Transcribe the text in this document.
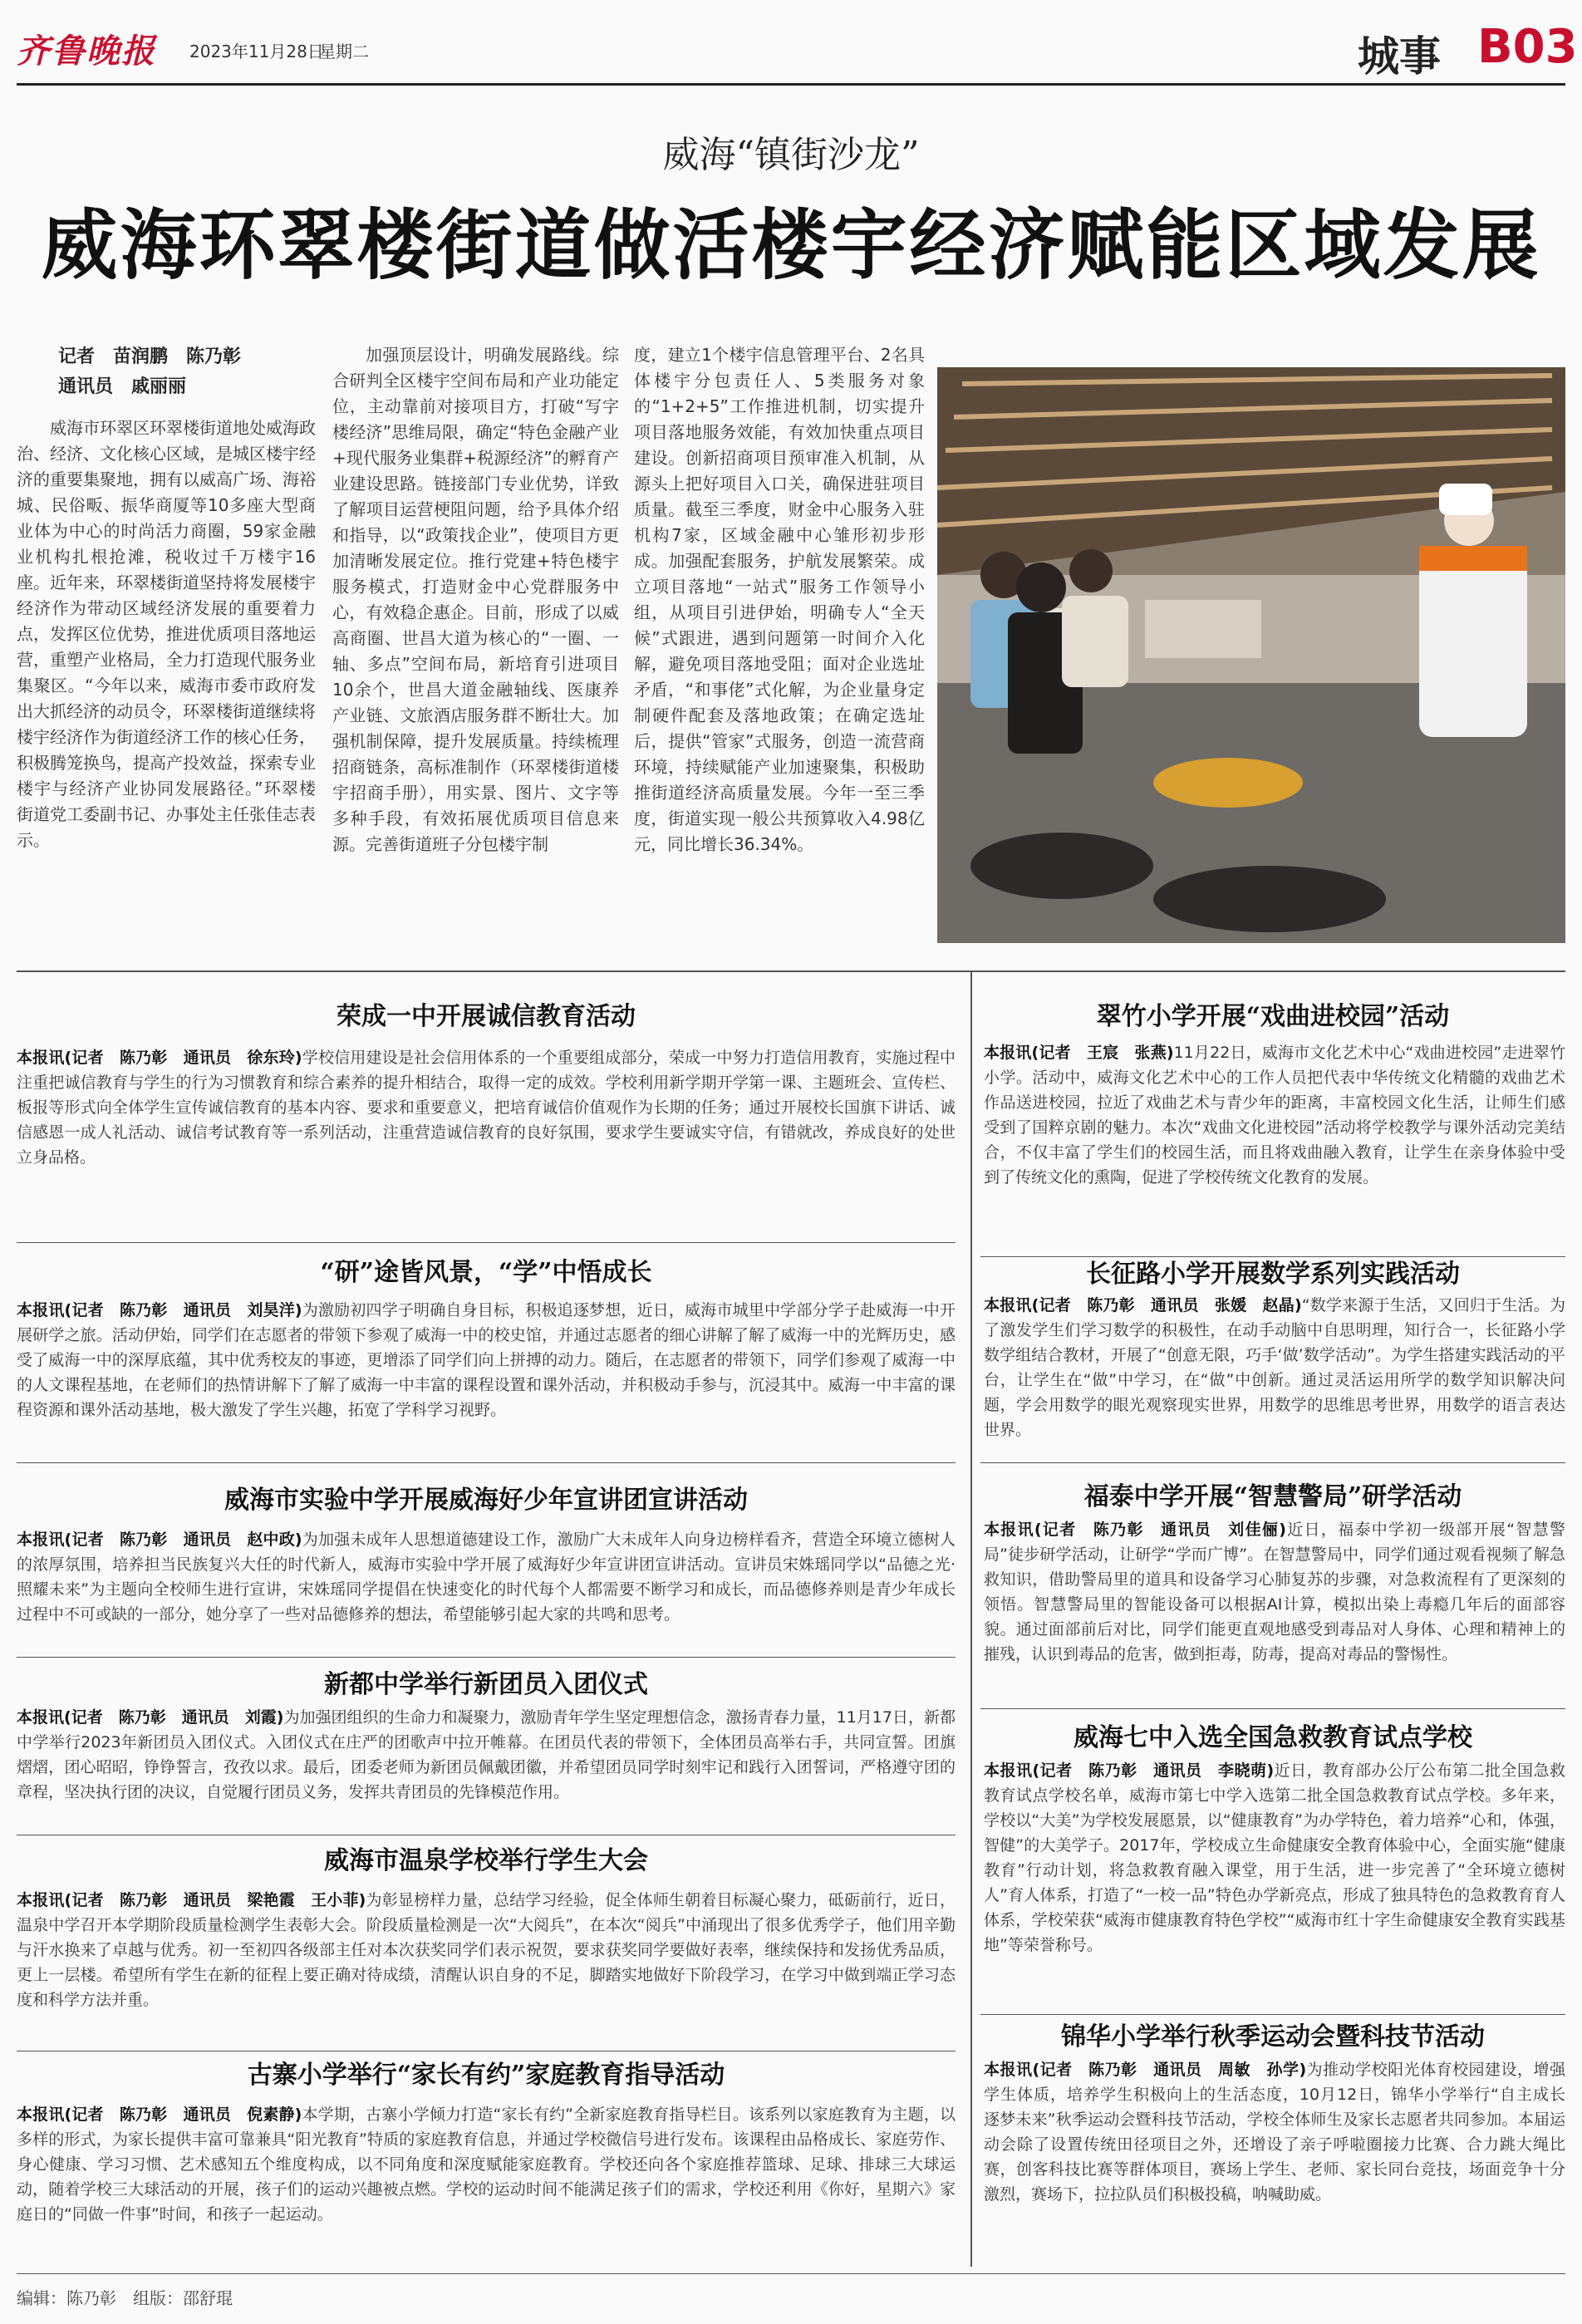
齐鲁晚报 2023年11月28日
星期二	城事 B03
威海“镇街沙龙”
威海环翠楼街道做活楼宇经济赋能区域发展
记者　苗润鹏　陈乃彰
通讯员　戚丽丽

威海市环翠区环翠楼街道地处威海政治、经济、文化核心区域，是城区楼宇经济的重要集聚地，拥有以威高广场、海裕城、民俗畈、振华商厦等10多座大型商业体为中心的时尚活力商圈，59家金融业机构扎根抢滩，税收过千万楼宇16座。近年来，环翠楼街道坚持将发展楼宇经济作为带动区域经济发展的重要着力点，发挥区位优势，推进优质项目落地运营，重塑产业格局，全力打造现代服务业集聚区。“今年以来，威海市委市政府发出大抓经济的动员令，环翠楼街道继续将楼宇经济作为街道经济工作的核心任务，积极腾笼换鸟，提高产投效益，探索专业楼宇与经济产业协同发展路径。”环翠楼街道党工委副书记、办事处主任张佳志表示。

加强顶层设计，明确发展路线。综合研判全区楼宇空间布局和产业功能定位，主动靠前对接项目方，打破“写字楼经济”思维局限，确定“特色金融产业+现代服务业集群+税源经济”的孵育产业建设思路。链接部门专业优势，详致了解项目运营梗阻问题，给予具体介绍和指导，以“政策找企业”，使项目方更加清晰发展定位。推行党建+特色楼宇服务模式，打造财金中心党群服务中心，有效稳企惠企。目前，形成了以威高商圈、世昌大道为核心的“一圈、一轴、多点”空间布局，新培育引进项目10余个，世昌大道金融轴线、医康养产业链、文旅酒店服务群不断壮大。加强机制保障，提升发展质量。持续梳理招商链条，高标准制作（环翠楼街道楼宇招商手册），用实景、图片、文字等多种手段，有效拓展优质项目信息来源。完善街道班子分包楼宇制

度，建立1个楼宇信息管理平台、2名具体楼宇分包责任人、5类服务对象的“1+2+5”工作推进机制，切实提升项目落地服务效能，有效加快重点项目建设。创新招商项目预审准入机制，从源头上把好项目入口关，确保进驻项目质量。截至三季度，财金中心服务入驻机构7家，区域金融中心雏形初步形成。加强配套服务，护航发展繁荣。成立项目落地“一站式”服务工作领导小组，从项目引进伊始，明确专人“全天候”式跟进，遇到问题第一时间介入化解，避免项目落地受阻；面对企业选址矛盾，“和事佬”式化解，为企业量身定制硬件配套及落地政策；在确定选址后，提供“管家”式服务，创造一流营商环境，持续赋能产业加速聚集，积极助推街道经济高质量发展。今年一至三季度，街道实现一般公共预算收入4.98亿元，同比增长36.34%。

荣成一中开展诚信教育活动

本报讯(记者　陈乃彰　通讯员　徐东玲)学校信用建设是社会信用体系的一个重要组成部分，荣成一中努力打造信用教育，实施过程中注重把诚信教育与学生的行为习惯教育和综合素养的提升相结合，取得一定的成效。学校利用新学期开学第一课、主题班会、宣传栏、板报等形式向全体学生宣传诚信教育的基本内容、要求和重要意义，把培育诚信价值观作为长期的任务；通过开展校长国旗下讲话、诚信感恩一成人礼活动、诚信考试教育等一系列活动，注重营造诚信教育的良好氛围，要求学生要诚实守信，有错就改，养成良好的处世立身品格。

“研”途皆风景，“学”中悟成长

本报讯(记者　陈乃彰　通讯员　刘昊洋)为激励初四学子明确自身目标，积极追逐梦想，近日，威海市城里中学部分学子赴威海一中开展研学之旅。活动伊始，同学们在志愿者的带领下参观了威海一中的校史馆，并通过志愿者的细心讲解了解了威海一中的光辉历史，感受了威海一中的深厚底蕴，其中优秀校友的事迹，更增添了同学们向上拼搏的动力。随后，在志愿者的带领下，同学们参观了威海一中的人文课程基地，在老师们的热情讲解下了解了威海一中丰富的课程设置和课外活动，并积极动手参与，沉浸其中。威海一中丰富的课程资源和课外活动基地，极大激发了学生兴趣，拓宽了学科学习视野。

威海市实验中学开展威海好少年宣讲团宣讲活动

本报讯(记者　陈乃彰　通讯员　赵中政)为加强未成年人思想道德建设工作，激励广大未成年人向身边榜样看齐，营造全环境立德树人的浓厚氛围，培养担当民族复兴大任的时代新人，威海市实验中学开展了威海好少年宣讲团宣讲活动。宣讲员宋姝瑶同学以“品德之光·照耀未来”为主题向全校师生进行宣讲，宋姝瑶同学提倡在快速变化的时代每个人都需要不断学习和成长，而品德修养则是青少年成长过程中不可或缺的一部分，她分享了一些对品德修养的想法，希望能够引起大家的共鸣和思考。

新都中学举行新团员入团仪式

本报讯(记者　陈乃彰　通讯员　刘霞)为加强团组织的生命力和凝聚力，激励青年学生坚定理想信念，激扬青春力量，11月17日，新都中学举行2023年新团员入团仪式。入团仪式在庄严的团歌声中拉开帷幕。在团员代表的带领下，全体团员高举右手，共同宣誓。团旗熠熠，团心昭昭，铮铮誓言，孜孜以求。最后，团委老师为新团员佩戴团徽，并希望团员同学时刻牢记和践行入团誓词，严格遵守团的章程，坚决执行团的决议，自觉履行团员义务，发挥共青团员的先锋模范作用。

威海市温泉学校举行学生大会

本报讯(记者　陈乃彰　通讯员　梁艳霞　王小菲)为彰显榜样力量，总结学习经验，促全体师生朝着目标凝心聚力，砥砺前行，近日，温泉中学召开本学期阶段质量检测学生表彰大会。阶段质量检测是一次“大阅兵”，在本次“阅兵”中涌现出了很多优秀学子，他们用辛勤与汗水换来了卓越与优秀。初一至初四各级部主任对本次获奖同学们表示祝贺，要求获奖同学要做好表率，继续保持和发扬优秀品质，更上一层楼。希望所有学生在新的征程上要正确对待成绩，清醒认识自身的不足，脚踏实地做好下阶段学习，在学习中做到端正学习态度和科学方法并重。

古寨小学举行“家长有约”家庭教育指导活动

本报讯(记者　陈乃彰　通讯员　倪素静)本学期，古寨小学倾力打造“家长有约”全新家庭教育指导栏目。该系列以家庭教育为主题，以多样的形式，为家长提供丰富可靠兼具“阳光教育”特质的家庭教育信息，并通过学校微信号进行发布。该课程由品格成长、家庭劳作、身心健康、学习习惯、艺术感知五个维度构成，以不同角度和深度赋能家庭教育。学校还向各个家庭推荐篮球、足球、排球三大球运动，随着学校三大球活动的开展，孩子们的运动兴趣被点燃。学校的运动时间不能满足孩子们的需求，学校还利用《你好，星期六》家庭日的“同做一件事”时间，和孩子一起运动。

翠竹小学开展“戏曲进校园”活动

本报讯(记者　王宸　张燕)11月22日，威海市文化艺术中心“戏曲进校园”走进翠竹小学。活动中，威海文化艺术中心的工作人员把代表中华传统文化精髓的戏曲艺术作品送进校园，拉近了戏曲艺术与青少年的距离，丰富校园文化生活，让师生们感受到了国粹京剧的魅力。本次“戏曲文化进校园”活动将学校教学与课外活动完美结合，不仅丰富了学生们的校园生活，而且将戏曲融入教育，让学生在亲身体验中受到了传统文化的熏陶，促进了学校传统文化教育的发展。

长征路小学开展数学系列实践活动

本报讯(记者　陈乃彰　通讯员　张媛　赵晶)“数学来源于生活，又回归于生活。为了激发学生们学习数学的积极性，在动手动脑中自思明理，知行合一，长征路小学数学组结合教材，开展了“创意无限，巧手‘做’数学活动”。为学生搭建实践活动的平台，让学生在“做”中学习，在“做”中创新。通过灵活运用所学的数学知识解决问题，学会用数学的眼光观察现实世界，用数学的思维思考世界，用数学的语言表达世界。

福泰中学开展“智慧警局”研学活动

本报讯(记者　陈乃彰　通讯员　刘佳俪)近日，福泰中学初一级部开展“智慧警局”徒步研学活动，让研学“学而广博”。在智慧警局中，同学们通过观看视频了解急救知识，借助警局里的道具和设备学习心肺复苏的步骤，对急救流程有了更深刻的领悟。智慧警局里的智能设备可以根据AI计算，模拟出染上毒瘾几年后的面部容貌。通过面部前后对比，同学们能更直观地感受到毒品对人身体、心理和精神上的摧残，认识到毒品的危害，做到拒毒，防毒，提高对毒品的警惕性。

威海七中入选全国急救教育试点学校

本报讯(记者　陈乃彰　通讯员　李晓萌)近日，教育部办公厅公布第二批全国急救教育试点学校名单，威海市第七中学入选第二批全国急救教育试点学校。多年来，学校以“大美”为学校发展愿景，以“健康教育”为办学特色，着力培养“心和，体强，智健”的大美学子。2017年，学校成立生命健康安全教育体验中心，全面实施“健康教育”行动计划，将急救教育融入课堂，用于生活，进一步完善了“全环境立德树人”育人体系，打造了“一校一品”特色办学新亮点，形成了独具特色的急救教育育人体系，学校荣获“威海市健康教育特色学校”“威海市红十字生命健康安全教育实践基地”等荣誉称号。

锦华小学举行秋季运动会暨科技节活动

本报讯(记者　陈乃彰　通讯员　周敏　孙学)为推动学校阳光体育校园建设，增强学生体质，培养学生积极向上的生活态度，10月12日，锦华小学举行“自主成长　逐梦未来”秋季运动会暨科技节活动，学校全体师生及家长志愿者共同参加。本届运动会除了设置传统田径项目之外，还增设了亲子呼啦圈接力比赛、合力跳大绳比赛，创客科技比赛等群体项目，赛场上学生、老师、家长同台竞技，场面竞争十分激烈，赛场下，拉拉队员们积极投稿，呐喊助威。

编辑：陈乃彰　组版：邵舒琨
